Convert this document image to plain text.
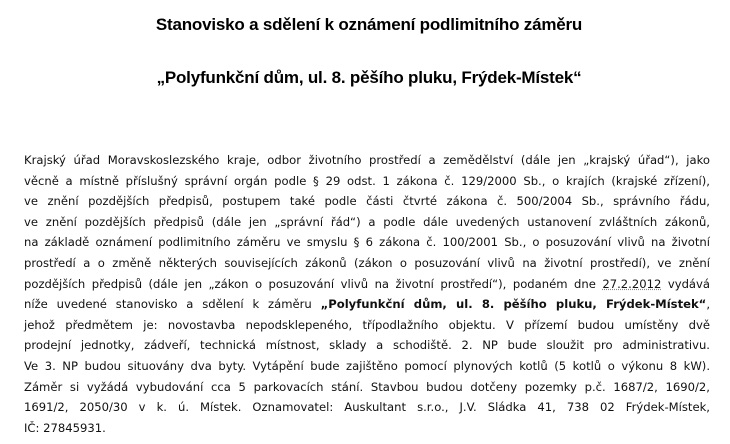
Stanovisko a sdělení k oznámení podlimitního záměru
„Polyfunkční dům, ul. 8. pěšího pluku, Frýdek-Místek“
Krajský úřad Moravskoslezského kraje, odbor životního prostředí a zemědělství (dále jen „krajský úřad“), jako
věcně a místně příslušný správní orgán podle § 29 odst. 1 zákona č. 129/2000 Sb., o krajích (krajské zřízení),
ve znění pozdějších předpisů, postupem také podle části čtvrté zákona č. 500/2004 Sb., správního řádu,
ve znění pozdějších předpisů (dále jen „správní řád“) a podle dále uvedených ustanovení zvláštních zákonů,
na základě oznámení podlimitního záměru ve smyslu § 6 zákona č. 100/2001 Sb., o posuzování vlivů na životní
prostředí a o změně některých souvisejících zákonů (zákon o posuzování vlivů na životní prostředí), ve znění
pozdějších předpisů (dále jen „zákon o posuzování vlivů na životní prostředí“), podaném dne 27.2.2012 vydává
níže uvedené stanovisko a sdělení k záměru „Polyfunkční dům, ul. 8. pěšího pluku, Frýdek-Místek“,
jehož předmětem je: novostavba nepodsklepeného, třípodlažního objektu. V přízemí budou umístěny dvě
prodejní jednotky, zádveří, technická místnost, sklady a schodiště. 2. NP bude sloužit pro administrativu.
Ve 3. NP budou situovány dva byty. Vytápění bude zajištěno pomocí plynových kotlů (5 kotlů o výkonu 8 kW).
Záměr si vyžádá vybudování cca 5 parkovacích stání. Stavbou budou dotčeny pozemky p.č. 1687/2, 1690/2,
1691/2, 2050/30 v k. ú. Místek. Oznamovatel: Auskultant s.r.o., J.V. Sládka 41, 738 02 Frýdek-Místek,
IČ: 27845931.
